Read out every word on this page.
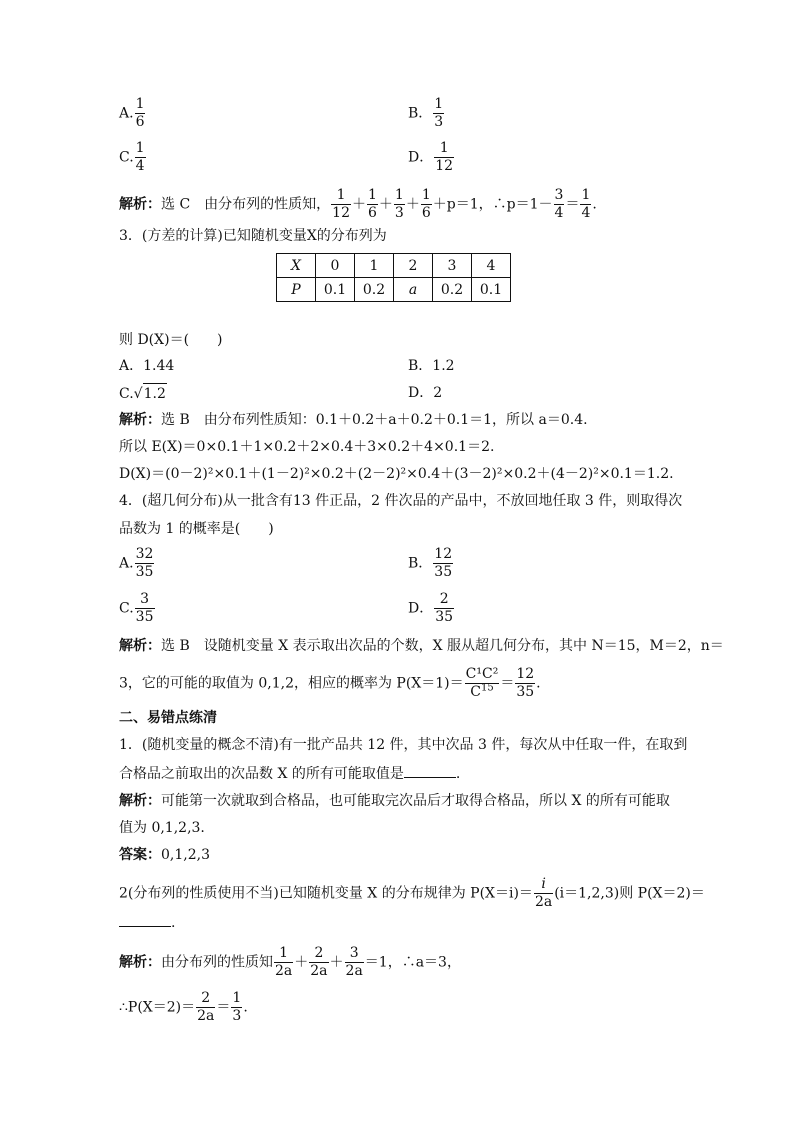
A. $\frac{1}{6}$	B． $\frac{1}{3}$
C. $\frac{1}{4}$	D． $\frac{1}{12}$
解析：选 C　由分布列的性质知， $\frac{1}{12} + \frac{1}{6} + \frac{1}{3} + \frac{1}{6} +p=1$，∴p＝1－ $\frac{3}{4} = \frac{1}{4}$ .
3．(方差的计算)已知随机变量X的分布列为
X	0	1	2	3	4
P	0.1	0.2	a	0.2	0.1
则 D(X)＝(　　)
A．1.44	B．1.2
C.√1.2	D．2
解析：选 B　由分布列性质知：0.1＋0.2＋a＋0.2＋0.1＝1，所以 a＝0.4.
所以 E(X)＝0×0.1＋1×0.2＋2×0.4＋3×0.2＋4×0.1＝2.
D(X)＝(0－2)²×0.1＋(1－2)²×0.2＋(2－2)²×0.4＋(3－2)²×0.2＋(4－2)²×0.1＝1.2.
4．(超几何分布)从一批含有13 件正品，2 件次品的产品中，不放回地任取 3 件，则取得次
品数为 1 的概率是(　　)
A. $\frac{32}{35}$	B． $\frac{12}{35}$
C. $\frac{3}{35}$	D． $\frac{2}{35}$
解析：选 B　设随机变量 X 表示取出次品的个数，X 服从超几何分布，其中 N＝15，M＝2，n＝
3，它的可能的取值为 0,1,2，相应的概率为 $P(X=1)= \frac{\text{C¹C²}}{C^{15}} = \frac{12}{35}$ .
二、易错点练清
1．(随机变量的概念不清)有一批产品共 12 件，其中次品 3 件，每次从中任取一件，在取到
合格品之前取出的次品数 X 的所有可能取值是	.
解析：可能第一次就取到合格品，也可能取完次品后才取得合格品，所以 X 的所有可能取
值为 0,1,2,3.
答案：0,1,2,3
2(分布列的性质使用不当)已知随机变量 X 的分布规律为 $P(X=i)= \frac{i}{2a} (i=1,2,3)$则 P(X＝2)＝
.
解析：由分布列的性质知 $\frac{1}{2a} + \frac{2}{2a} + \frac{3}{2a} =1$，∴a＝3，
∴P(X＝2)＝ $\frac{2}{2a} = \frac{1}{3}$ .
